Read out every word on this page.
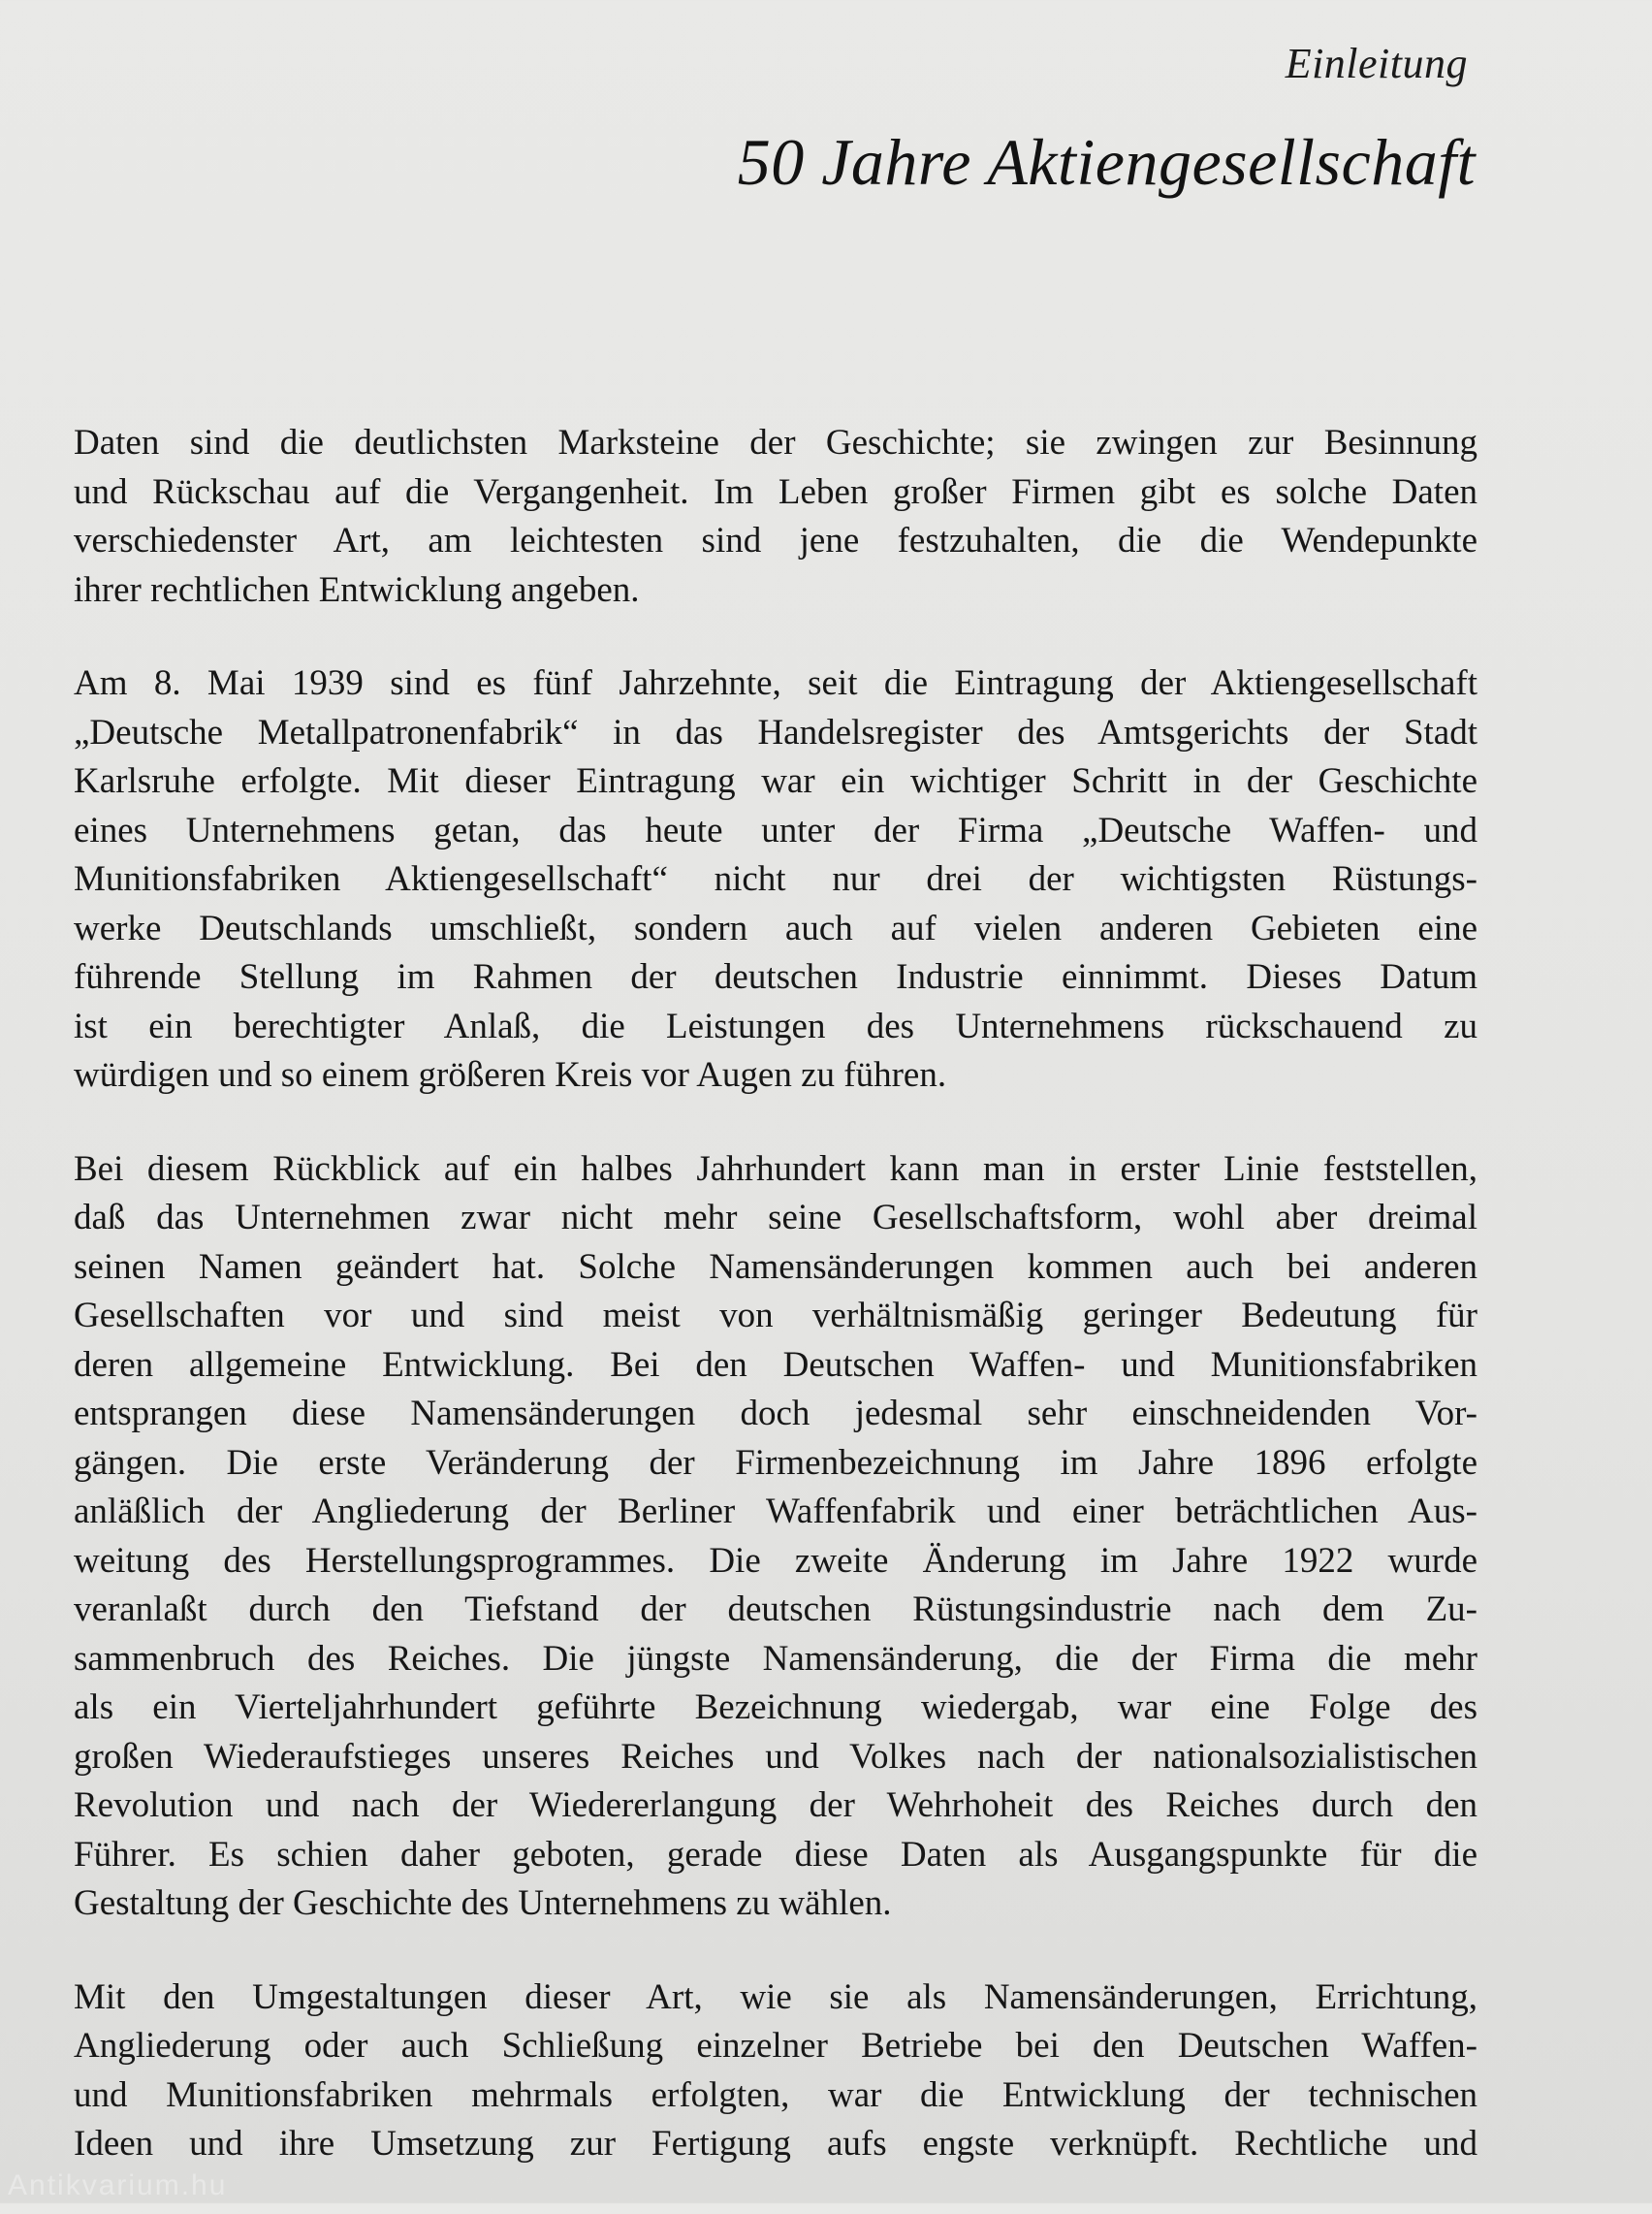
Einleitung

50 Jahre Aktiengesellschaft

Daten sind die deutlichsten Marksteine der Geschichte; sie zwingen zur Besinnung
und Rückschau auf die Vergangenheit. Im Leben großer Firmen gibt es solche Daten
verschiedenster Art, am leichtesten sind jene festzuhalten, die die Wendepunkte
ihrer rechtlichen Entwicklung angeben.

Am 8. Mai 1939 sind es fünf Jahrzehnte, seit die Eintragung der Aktiengesellschaft
„Deutsche Metallpatronenfabrik“ in das Handelsregister des Amtsgerichts der Stadt
Karlsruhe erfolgte. Mit dieser Eintragung war ein wichtiger Schritt in der Geschichte
eines Unternehmens getan, das heute unter der Firma „Deutsche Waffen- und
Munitionsfabriken Aktiengesellschaft“ nicht nur drei der wichtigsten Rüstungs-
werke Deutschlands umschließt, sondern auch auf vielen anderen Gebieten eine
führende Stellung im Rahmen der deutschen Industrie einnimmt. Dieses Datum
ist ein berechtigter Anlaß, die Leistungen des Unternehmens rückschauend zu
würdigen und so einem größeren Kreis vor Augen zu führen.

Bei diesem Rückblick auf ein halbes Jahrhundert kann man in erster Linie feststellen,
daß das Unternehmen zwar nicht mehr seine Gesellschaftsform, wohl aber dreimal
seinen Namen geändert hat. Solche Namensänderungen kommen auch bei anderen
Gesellschaften vor und sind meist von verhältnismäßig geringer Bedeutung für
deren allgemeine Entwicklung. Bei den Deutschen Waffen- und Munitionsfabriken
entsprangen diese Namensänderungen doch jedesmal sehr einschneidenden Vor-
gängen. Die erste Veränderung der Firmenbezeichnung im Jahre 1896 erfolgte
anläßlich der Angliederung der Berliner Waffenfabrik und einer beträchtlichen Aus-
weitung des Herstellungsprogrammes. Die zweite Änderung im Jahre 1922 wurde
veranlaßt durch den Tiefstand der deutschen Rüstungsindustrie nach dem Zu-
sammenbruch des Reiches. Die jüngste Namensänderung, die der Firma die mehr
als ein Vierteljahrhundert geführte Bezeichnung wiedergab, war eine Folge des
großen Wiederaufstieges unseres Reiches und Volkes nach der nationalsozialistischen
Revolution und nach der Wiedererlangung der Wehrhoheit des Reiches durch den
Führer. Es schien daher geboten, gerade diese Daten als Ausgangspunkte für die
Gestaltung der Geschichte des Unternehmens zu wählen.

Mit den Umgestaltungen dieser Art, wie sie als Namensänderungen, Errichtung,
Angliederung oder auch Schließung einzelner Betriebe bei den Deutschen Waffen-
und Munitionsfabriken mehrmals erfolgten, war die Entwicklung der technischen
Ideen und ihre Umsetzung zur Fertigung aufs engste verknüpft. Rechtliche und

Antikvarium.hu
